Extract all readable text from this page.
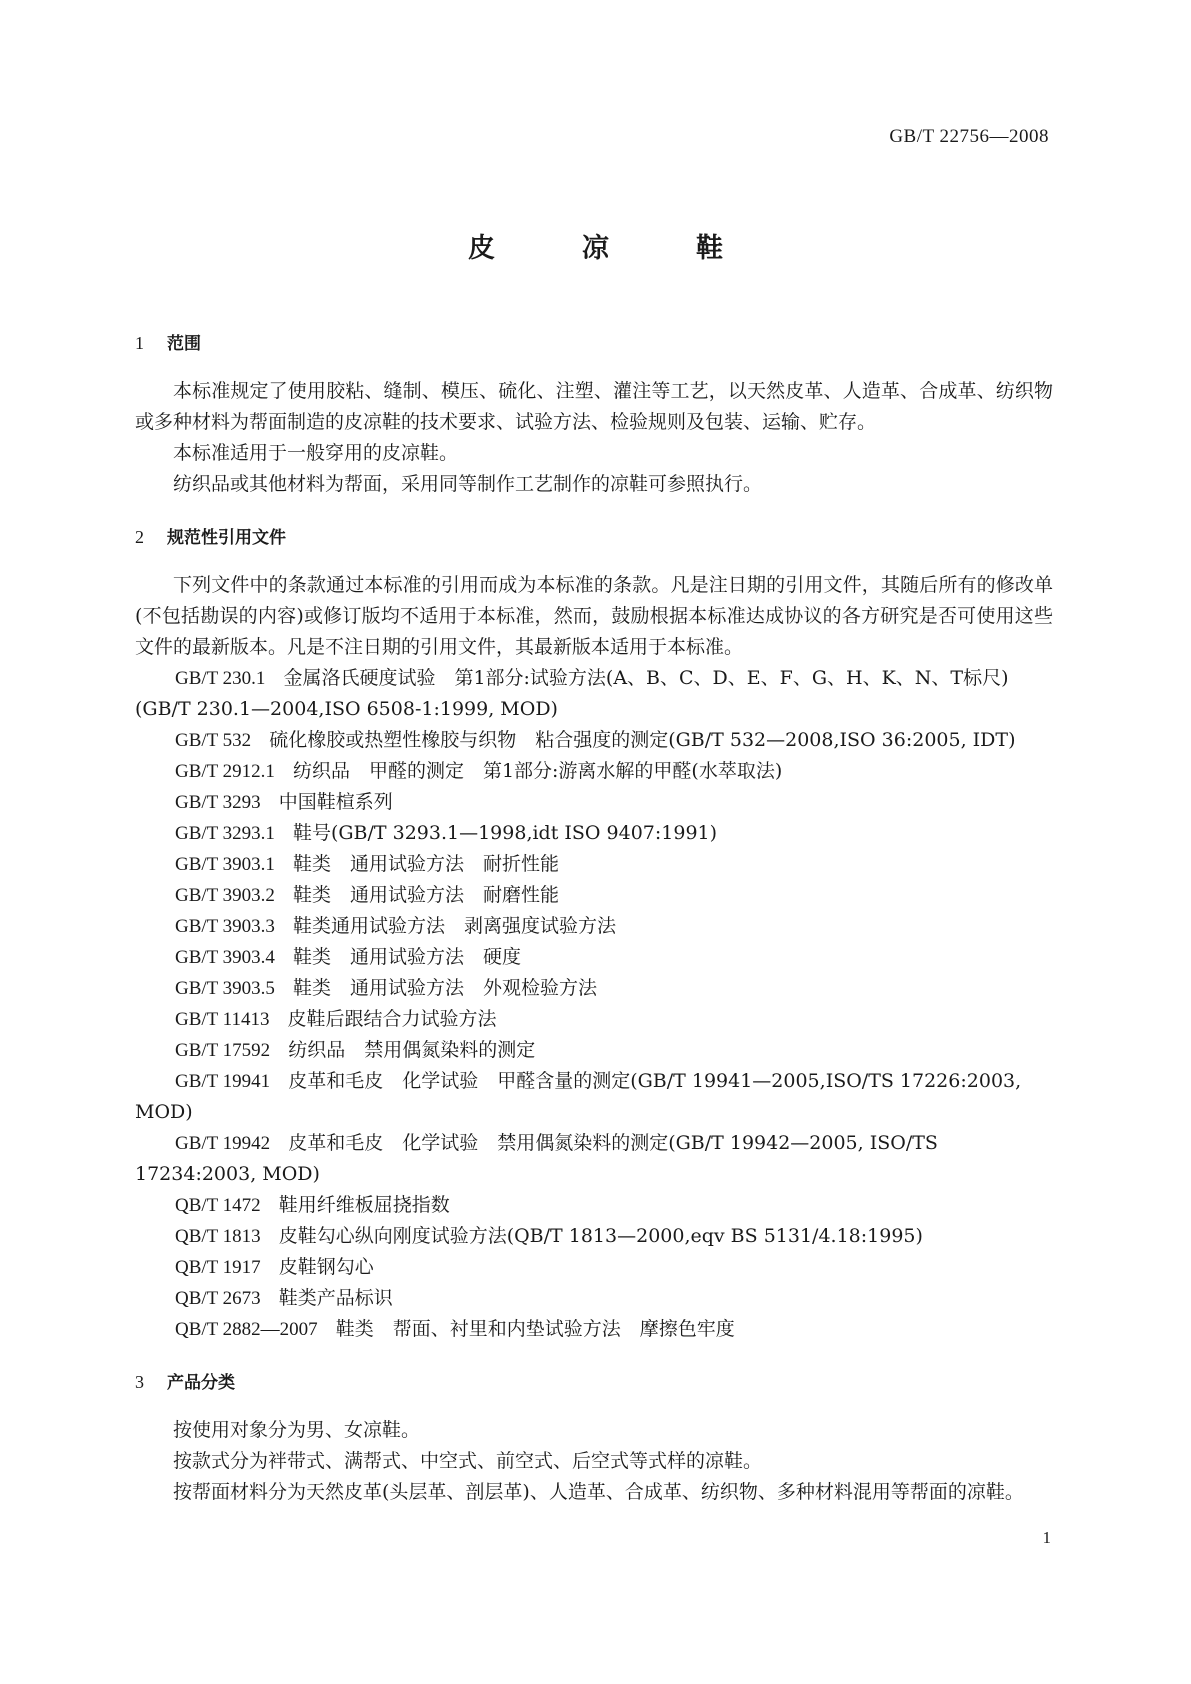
GB/T 22756—2008
皮　凉　鞋
1 范围

本标准规定了使用胶粘、缝制、模压、硫化、注塑、灌注等工艺，以天然皮革、人造革、合成革、纺织物或多种材料为帮面制造的皮凉鞋的技术要求、试验方法、检验规则及包装、运输、贮存。

本标准适用于一般穿用的皮凉鞋。

纺织品或其他材料为帮面，采用同等制作工艺制作的凉鞋可参照执行。

2 规范性引用文件

下列文件中的条款通过本标准的引用而成为本标准的条款。凡是注日期的引用文件，其随后所有的修改单(不包括勘误的内容)或修订版均不适用于本标准，然而，鼓励根据本标准达成协议的各方研究是否可使用这些文件的最新版本。凡是不注日期的引用文件，其最新版本适用于本标准。

GB/T 230.1 金属洛氏硬度试验　第1部分:试验方法(A、B、C、D、E、F、G、H、K、N、T标尺)(GB/T 230.1—2004,ISO 6508-1:1999, MOD)

GB/T 532 硫化橡胶或热塑性橡胶与织物　粘合强度的测定(GB/T 532—2008,ISO 36:2005, IDT)

GB/T 2912.1 纺织品　甲醛的测定　第1部分:游离水解的甲醛(水萃取法)

GB/T 3293 中国鞋楦系列

GB/T 3293.1 鞋号(GB/T 3293.1—1998,idt ISO 9407:1991)

GB/T 3903.1 鞋类　通用试验方法　耐折性能

GB/T 3903.2 鞋类　通用试验方法　耐磨性能

GB/T 3903.3 鞋类通用试验方法　剥离强度试验方法

GB/T 3903.4 鞋类　通用试验方法　硬度

GB/T 3903.5 鞋类　通用试验方法　外观检验方法

GB/T 11413 皮鞋后跟结合力试验方法

GB/T 17592 纺织品　禁用偶氮染料的测定

GB/T 19941 皮革和毛皮　化学试验　甲醛含量的测定(GB/T 19941—2005,ISO/TS 17226:2003, MOD)

GB/T 19942 皮革和毛皮　化学试验　禁用偶氮染料的测定(GB/T 19942—2005, ISO/TS 17234:2003, MOD)

QB/T 1472 鞋用纤维板屈挠指数

QB/T 1813 皮鞋勾心纵向刚度试验方法(QB/T 1813—2000,eqv BS 5131/4.18:1995)

QB/T 1917 皮鞋钢勾心

QB/T 2673 鞋类产品标识

QB/T 2882—2007 鞋类　帮面、衬里和内垫试验方法　摩擦色牢度

3 产品分类

按使用对象分为男、女凉鞋。

按款式分为袢带式、满帮式、中空式、前空式、后空式等式样的凉鞋。

按帮面材料分为天然皮革(头层革、剖层革)、人造革、合成革、纺织物、多种材料混用等帮面的凉鞋。

1
